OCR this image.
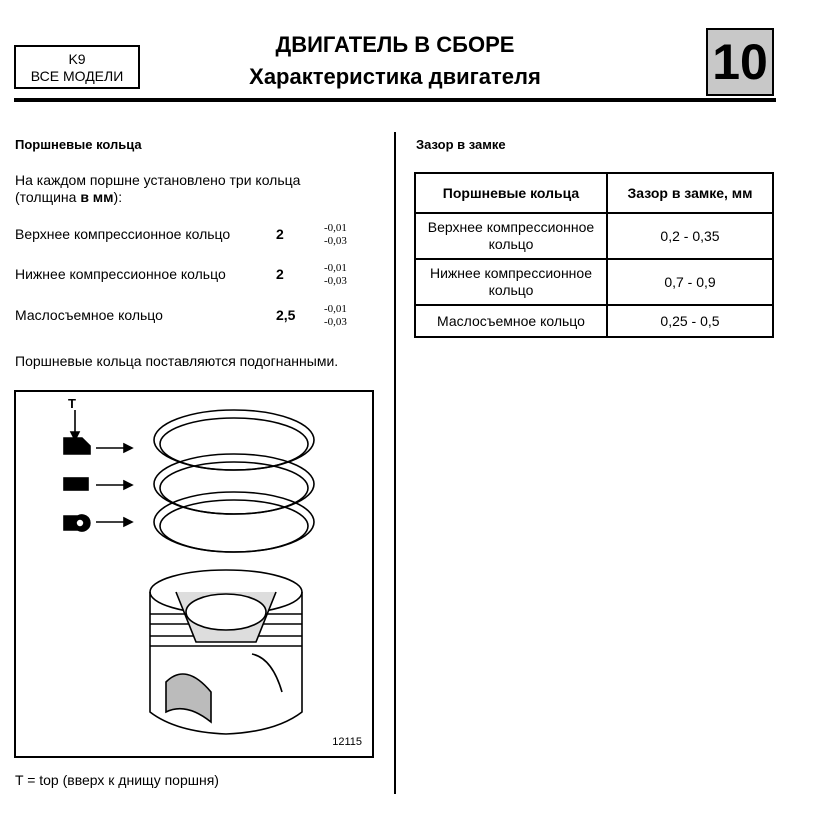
K9
ВСЕ МОДЕЛИ
ДВИГАТЕЛЬ В СБОРЕ
Характеристика двигателя	10
Поршневые кольца
На каждом поршне установлено три кольца
(толщина в мм):
Верхнее компрессионное кольцо	2	-0,01
-0,03
Нижнее компрессионное кольцо	2	-0,01
-0,03
Маслосъемное кольцо	2,5	-0,01
-0,03
Поршневые кольца поставляются подогнанными.
12115
T
T = top (вверх к днищу поршня)
Зазор в замке
Поршневые кольца	Зазор в замке, мм

Верхнее компрессионное
кольцо	0,2 - 0,35

Нижнее компрессионное
кольцо	0,7 - 0,9
Маслосъемное кольцо	0,25 - 0,5
